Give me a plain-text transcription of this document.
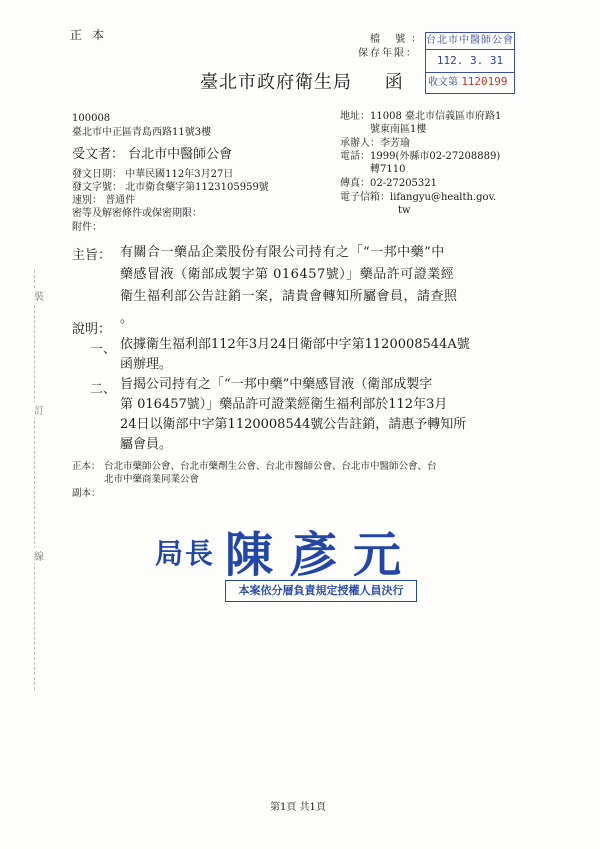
正本	檔 號：
保存年限：
台北市中醫師公會
112. 3. 31
收文第 1120199
臺北市政府衛生局 函
100008
臺北市中正區青島西路11號3樓
受文者： 台北市中醫師公會
發文日期： 中華民國112年3月27日
發文字號： 北市衛食藥字第1123105959號
速別： 普通件
密等及解密條件或保密期限：
附件：
地址：11008 臺北市信義區市府路1
號東南區1樓
承辦人：李芳瑜
電話：1999(外縣市02-27208889)
轉7110
傳真：02-27205321
電子信箱：lifangyu@health.gov.
tw
主旨： 有關合一藥品企業股份有限公司持有之「“一邦中藥”中
藥感冒液（衛部成製字第 016457號）」藥品許可證業經
衛生福利部公告註銷一案，請貴會轉知所屬會員，請查照
。
說明：
一、 依據衛生福利部112年3月24日衛部中字第1120008544A號
函辦理。
二、 旨揭公司持有之「“一邦中藥”中藥感冒液（衛部成製字
第 016457號）」藥品許可證業經衛生福利部於112年3月
24日以衛部中字第1120008544號公告註銷，請惠予轉知所
屬會員。
正本： 台北市藥師公會、台北市藥劑生公會、台北市醫師公會、台北市中醫師公會、台
北市中藥商業同業公會
副本：
裝
訂
線	局長 陳彥元
本案依分層負責規定授權人員決行
第1頁 共1頁
